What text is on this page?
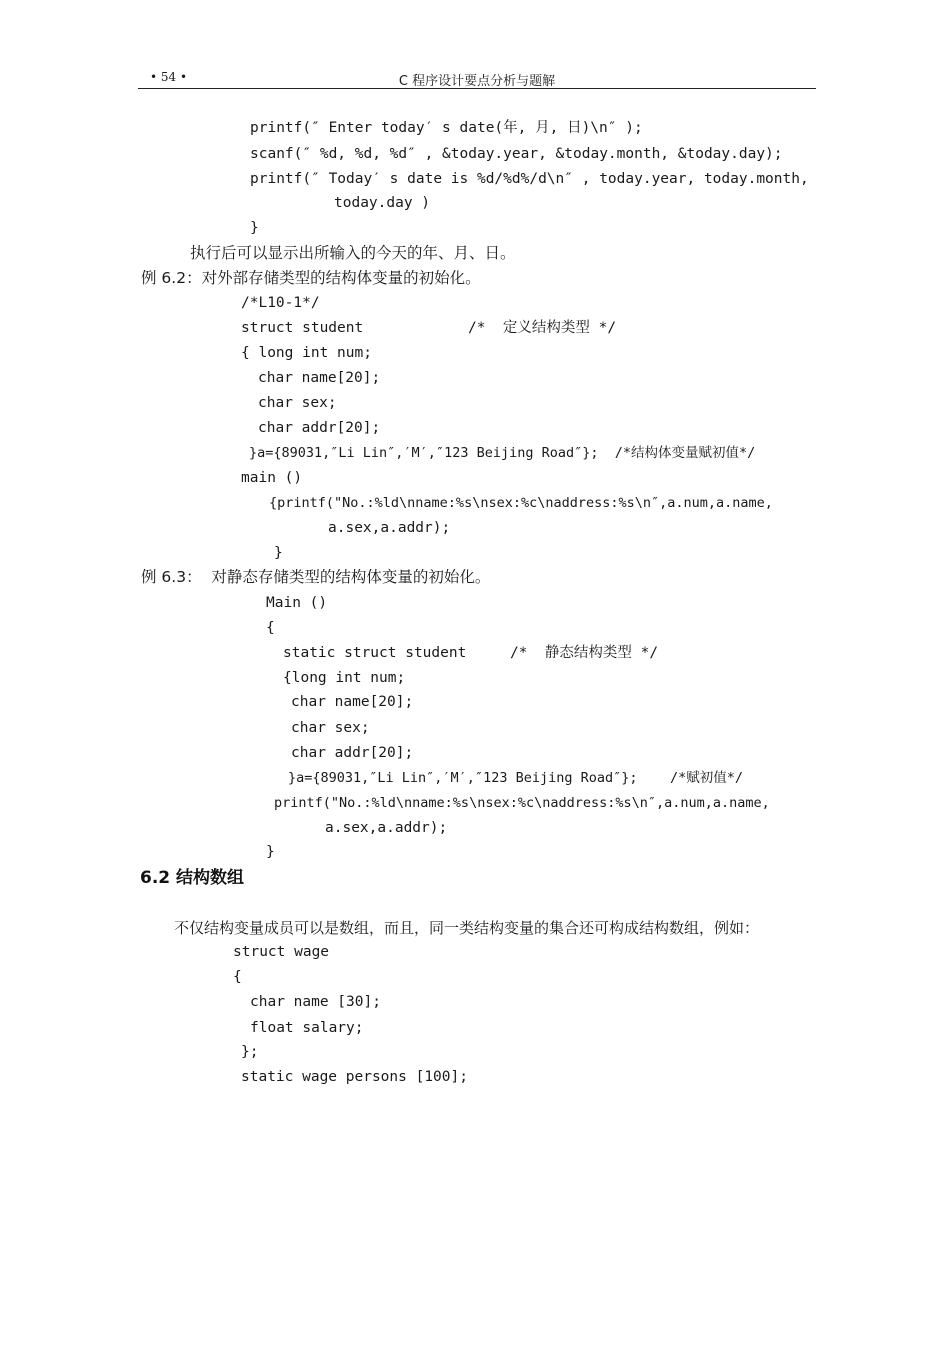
• 54 •	C 程序设计要点分析与题解
printf(″ Enter today′ s date(年, 月, 日)\n″ );
scanf(″ %d, %d, %d″ , &today.year, &today.month, &today.day);
printf(″ Today′ s date is %d/%d%/d\n″ , today.year, today.month,
today.day )
}
执行后可以显示出所输入的今天的年、月、日。
例 6.2：对外部存储类型的结构体变量的初始化。
/*L10-1*/
struct student            /*  定义结构类型 */
{ long int num;
char name[20];
char sex;
char addr[20];
}a={89031,″Li Lin″,′M′,″123 Beijing Road″};  /*结构体变量赋初值*/
main ()
{printf("No.:%ld\nname:%s\nsex:%c\naddress:%s\n″,a.num,a.name,
a.sex,a.addr);
}
例 6.3：  对静态存储类型的结构体变量的初始化。
Main ()
{
static struct student     /*  静态结构类型 */
{long int num;
char name[20];
char sex;
char addr[20];
}a={89031,″Li Lin″,′M′,″123 Beijing Road″};    /*赋初值*/
printf("No.:%ld\nname:%s\nsex:%c\naddress:%s\n″,a.num,a.name,
a.sex,a.addr);
}
6.2 结构数组
不仅结构变量成员可以是数组，而且，同一类结构变量的集合还可构成结构数组，例如：
struct wage
{
char name [30];
float salary;
};
static wage persons [100];
